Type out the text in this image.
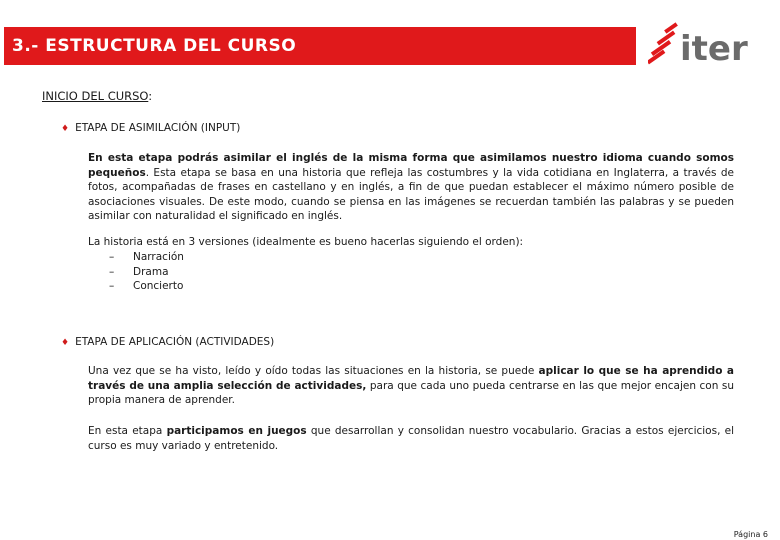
3.- ESTRUCTURA DEL CURSO	iter
INICIO DEL CURSO:
♦ ETAPA DE ASIMILACIÓN (INPUT)

En esta etapa podrás asimilar el inglés de la misma forma que asimilamos nuestro idioma cuando somos pequeños. Esta etapa se basa en una historia que refleja las costumbres y la vida cotidiana en Inglaterra, a través de fotos, acompañadas de frases en castellano y en inglés, a fin de que puedan establecer el máximo número posible de asociaciones visuales. De este modo, cuando se piensa en las imágenes se recuerdan también las palabras y se pueden asimilar con naturalidad el significado en inglés.

La historia está en 3 versiones (idealmente es bueno hacerlas siguiendo el orden):
– Narración
– Drama
– Concierto
♦ ETAPA DE APLICACIÓN (ACTIVIDADES)

Una vez que se ha visto, leído y oído todas las situaciones en la historia, se puede aplicar lo que se ha aprendido a través de una amplia selección de actividades, para que cada uno pueda centrarse en las que mejor encajen con su propia manera de aprender.

En esta etapa participamos en juegos que desarrollan y consolidan nuestro vocabulario. Gracias a estos ejercicios, el curso es muy variado y entretenido.

Página 6
